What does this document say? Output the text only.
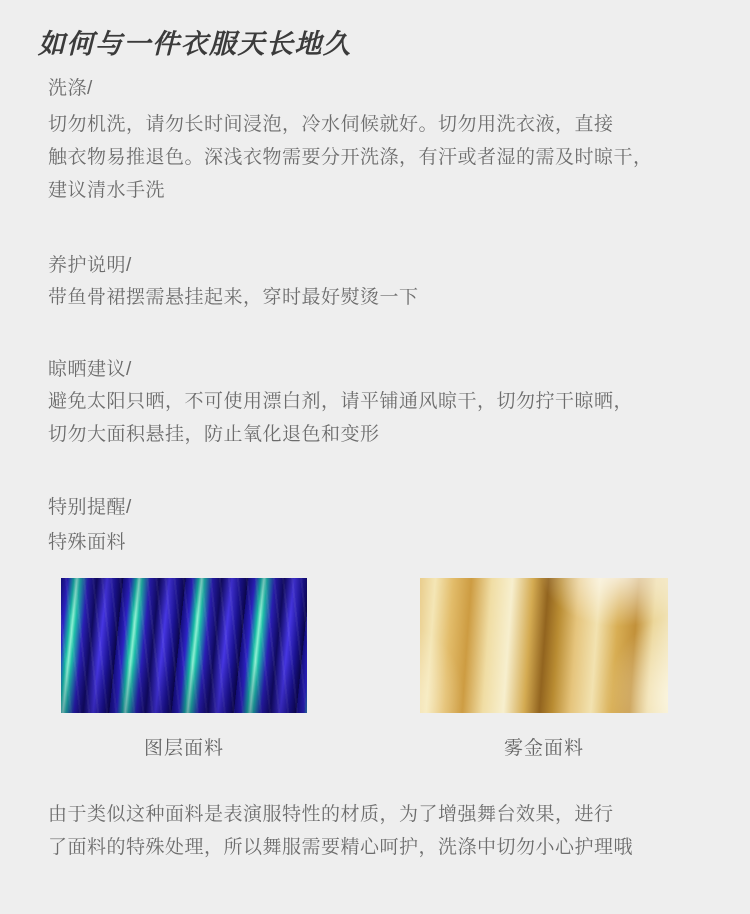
如何与一件衣服天长地久
洗涤/
切勿机洗，请勿长时间浸泡，冷水伺候就好。切勿用洗衣液，直接
触衣物易推退色。深浅衣物需要分开洗涤，有汗或者湿的需及时晾干，
建议清水手洗
养护说明/
带鱼骨裙摆需悬挂起来，穿时最好熨烫一下
晾晒建议/
避免太阳只晒，不可使用漂白剂，请平铺通风晾干，切勿拧干晾晒，
切勿大面积悬挂，防止氧化退色和变形
特别提醒/
特殊面料
图层面料	雾金面料
由于类似这种面料是表演服特性的材质，为了增强舞台效果，进行
了面料的特殊处理，所以舞服需要精心呵护，洗涤中切勿小心护理哦
